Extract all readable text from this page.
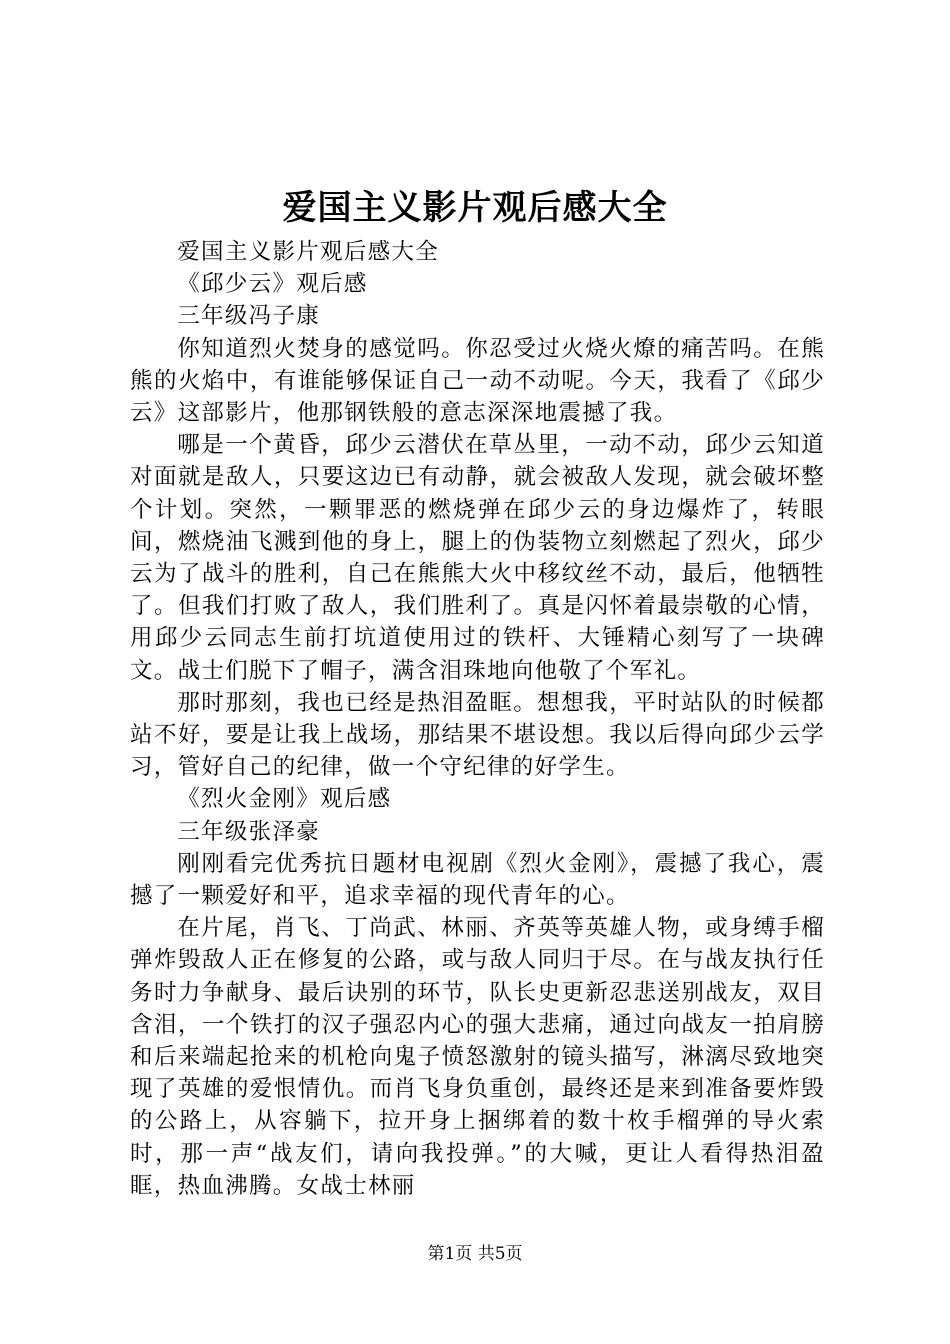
爱国主义影片观后感大全

爱国主义影片观后感大全

《邱少云》观后感

三年级冯子康

你知道烈火焚身的感觉吗。你忍受过火烧火燎的痛苦吗。在熊熊的火焰中，有谁能够保证自己一动不动呢。今天，我看了《邱少云》这部影片，他那钢铁般的意志深深地震撼了我。

哪是一个黄昏，邱少云潜伏在草丛里，一动不动，邱少云知道对面就是敌人，只要这边已有动静，就会被敌人发现，就会破坏整个计划。突然，一颗罪恶的燃烧弹在邱少云的身边爆炸了，转眼间，燃烧油飞溅到他的身上，腿上的伪装物立刻燃起了烈火，邱少云为了战斗的胜利，自己在熊熊大火中移纹丝不动，最后，他牺牲了。但我们打败了敌人，我们胜利了。真是闪怀着最崇敬的心情，用邱少云同志生前打坑道使用过的铁杆、大锤精心刻写了一块碑文。战士们脱下了帽子，满含泪珠地向他敬了个军礼。

那时那刻，我也已经是热泪盈眶。想想我，平时站队的时候都站不好，要是让我上战场，那结果不堪设想。我以后得向邱少云学习，管好自己的纪律，做一个守纪律的好学生。

《烈火金刚》观后感

三年级张泽豪

刚刚看完优秀抗日题材电视剧《烈火金刚》，震撼了我心，震撼了一颗爱好和平，追求幸福的现代青年的心。

在片尾，肖飞、丁尚武、林丽、齐英等英雄人物，或身缚手榴弹炸毁敌人正在修复的公路，或与敌人同归于尽。在与战友执行任务时力争献身、最后诀别的环节，队长史更新忍悲送别战友，双目含泪，一个铁打的汉子强忍内心的强大悲痛，通过向战友一拍肩膀和后来端起抢来的机枪向鬼子愤怒激射的镜头描写，淋漓尽致地突现了英雄的爱恨情仇。而肖飞身负重创，最终还是来到准备要炸毁的公路上，从容躺下，拉开身上捆绑着的数十枚手榴弹的导火索时，那一声“战友们，请向我投弹。”的大喊，更让人看得热泪盈眶，热血沸腾。女战士林丽

第1页 共5页
